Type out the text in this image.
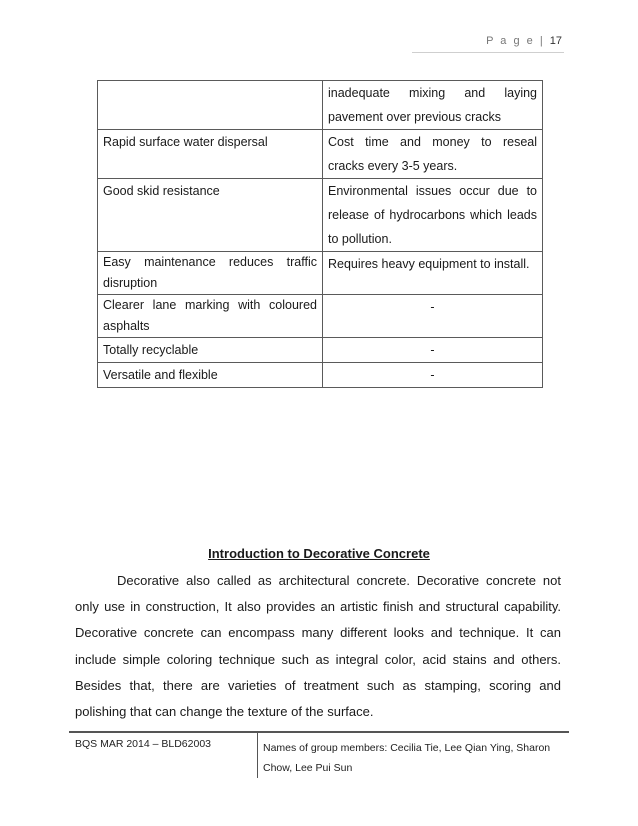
P a g e | 17
	inadequate mixing and laying pavement over previous cracks
Rapid surface water dispersal	Cost time and money to reseal cracks every 3-5 years.
Good skid resistance	Environmental issues occur due to release of hydrocarbons which leads to pollution.
Easy maintenance reduces traffic disruption	Requires heavy equipment to install.
Clearer lane marking with coloured asphalts	-
Totally recyclable	-
Versatile and flexible	-
Introduction to Decorative Concrete
Decorative also called as architectural concrete. Decorative concrete not only use in construction, It also provides an artistic finish and structural capability. Decorative concrete can encompass many different looks and technique. It can include simple coloring technique such as integral color, acid stains and others. Besides that, there are varieties of treatment such as stamping, scoring and polishing that can change the texture of the surface.
BQS MAR 2014 – BLD62003	Names of group members: Cecilia Tie, Lee Qian Ying, Sharon Chow, Lee Pui Sun
